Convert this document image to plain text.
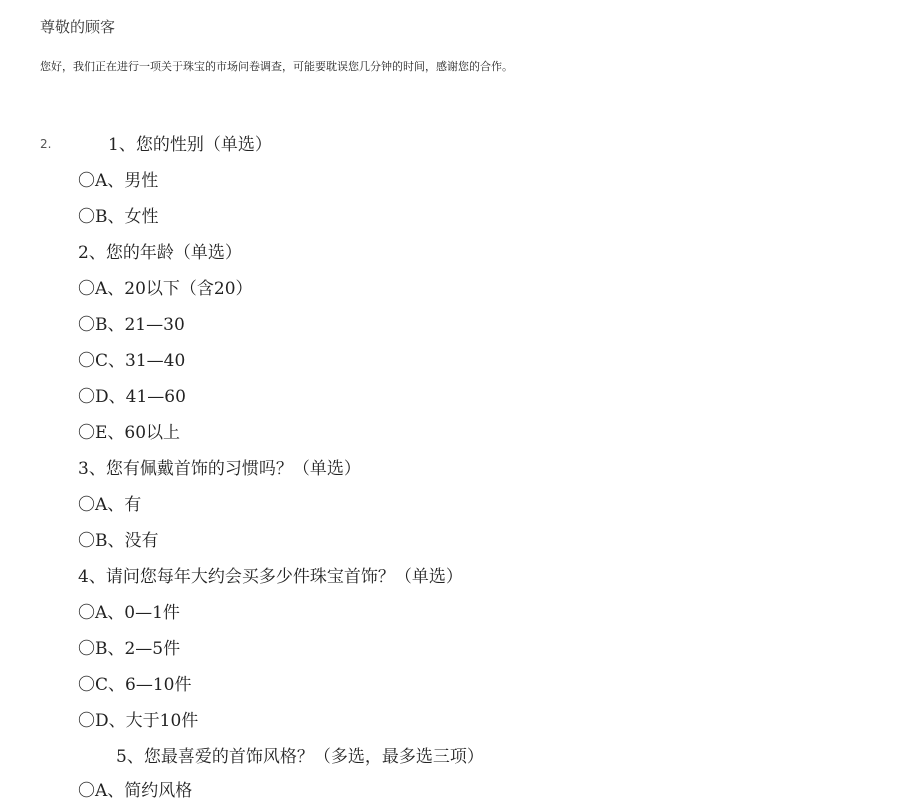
尊敬的顾客
您好，我们正在进行一项关于珠宝的市场问卷调查，可能要耽误您几分钟的时间，感谢您的合作。
2.	1、您的性别（单选）
〇A、男性
〇B、女性
2、您的年龄（单选）
〇A、20以下（含20）
〇B、21—30
〇C、31—40
〇D、41—60
〇E、60以上
3、您有佩戴首饰的习惯吗？（单选）
〇A、有
〇B、没有
4、请问您每年大约会买多少件珠宝首饰？（单选）
〇A、0—1件
〇B、2—5件
〇C、6—10件
〇D、大于10件
5、您最喜爱的首饰风格？（多选，最多选三项）
〇A、简约风格
